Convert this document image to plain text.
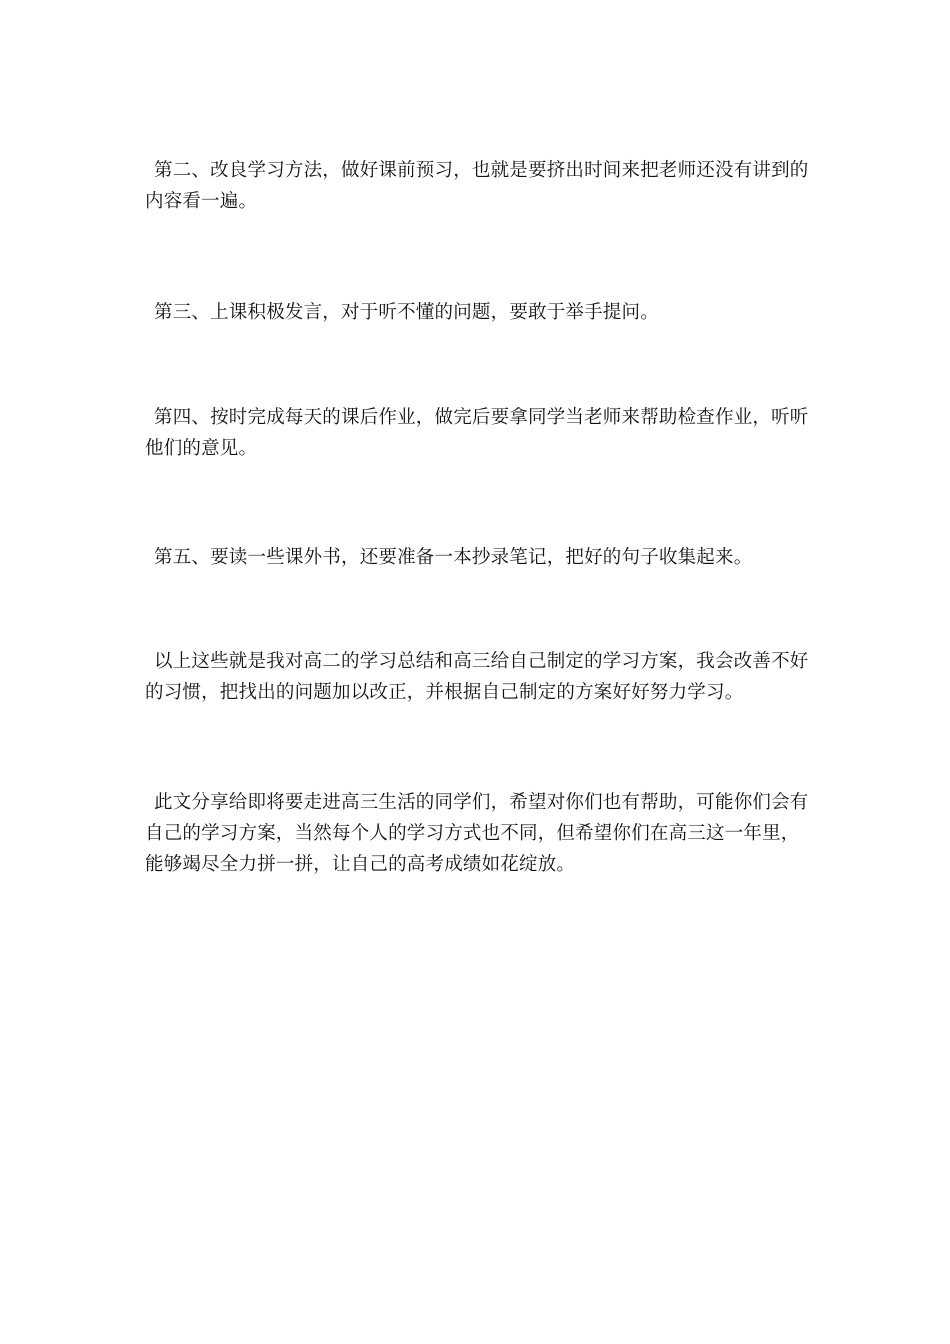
第二、改良学习方法，做好课前预习，也就是要挤出时间来把老师还没有讲到的内容看一遍。

第三、上课积极发言，对于听不懂的问题，要敢于举手提问。

第四、按时完成每天的课后作业，做完后要拿同学当老师来帮助检查作业，听听他们的意见。

第五、要读一些课外书，还要准备一本抄录笔记，把好的句子收集起来。

以上这些就是我对高二的学习总结和高三给自己制定的学习方案，我会改善不好的习惯，把找出的问题加以改正，并根据自己制定的方案好好努力学习。

此文分享给即将要走进高三生活的同学们，希望对你们也有帮助，可能你们会有自己的学习方案，当然每个人的学习方式也不同，但希望你们在高三这一年里，能够竭尽全力拼一拼，让自己的高考成绩如花绽放。
